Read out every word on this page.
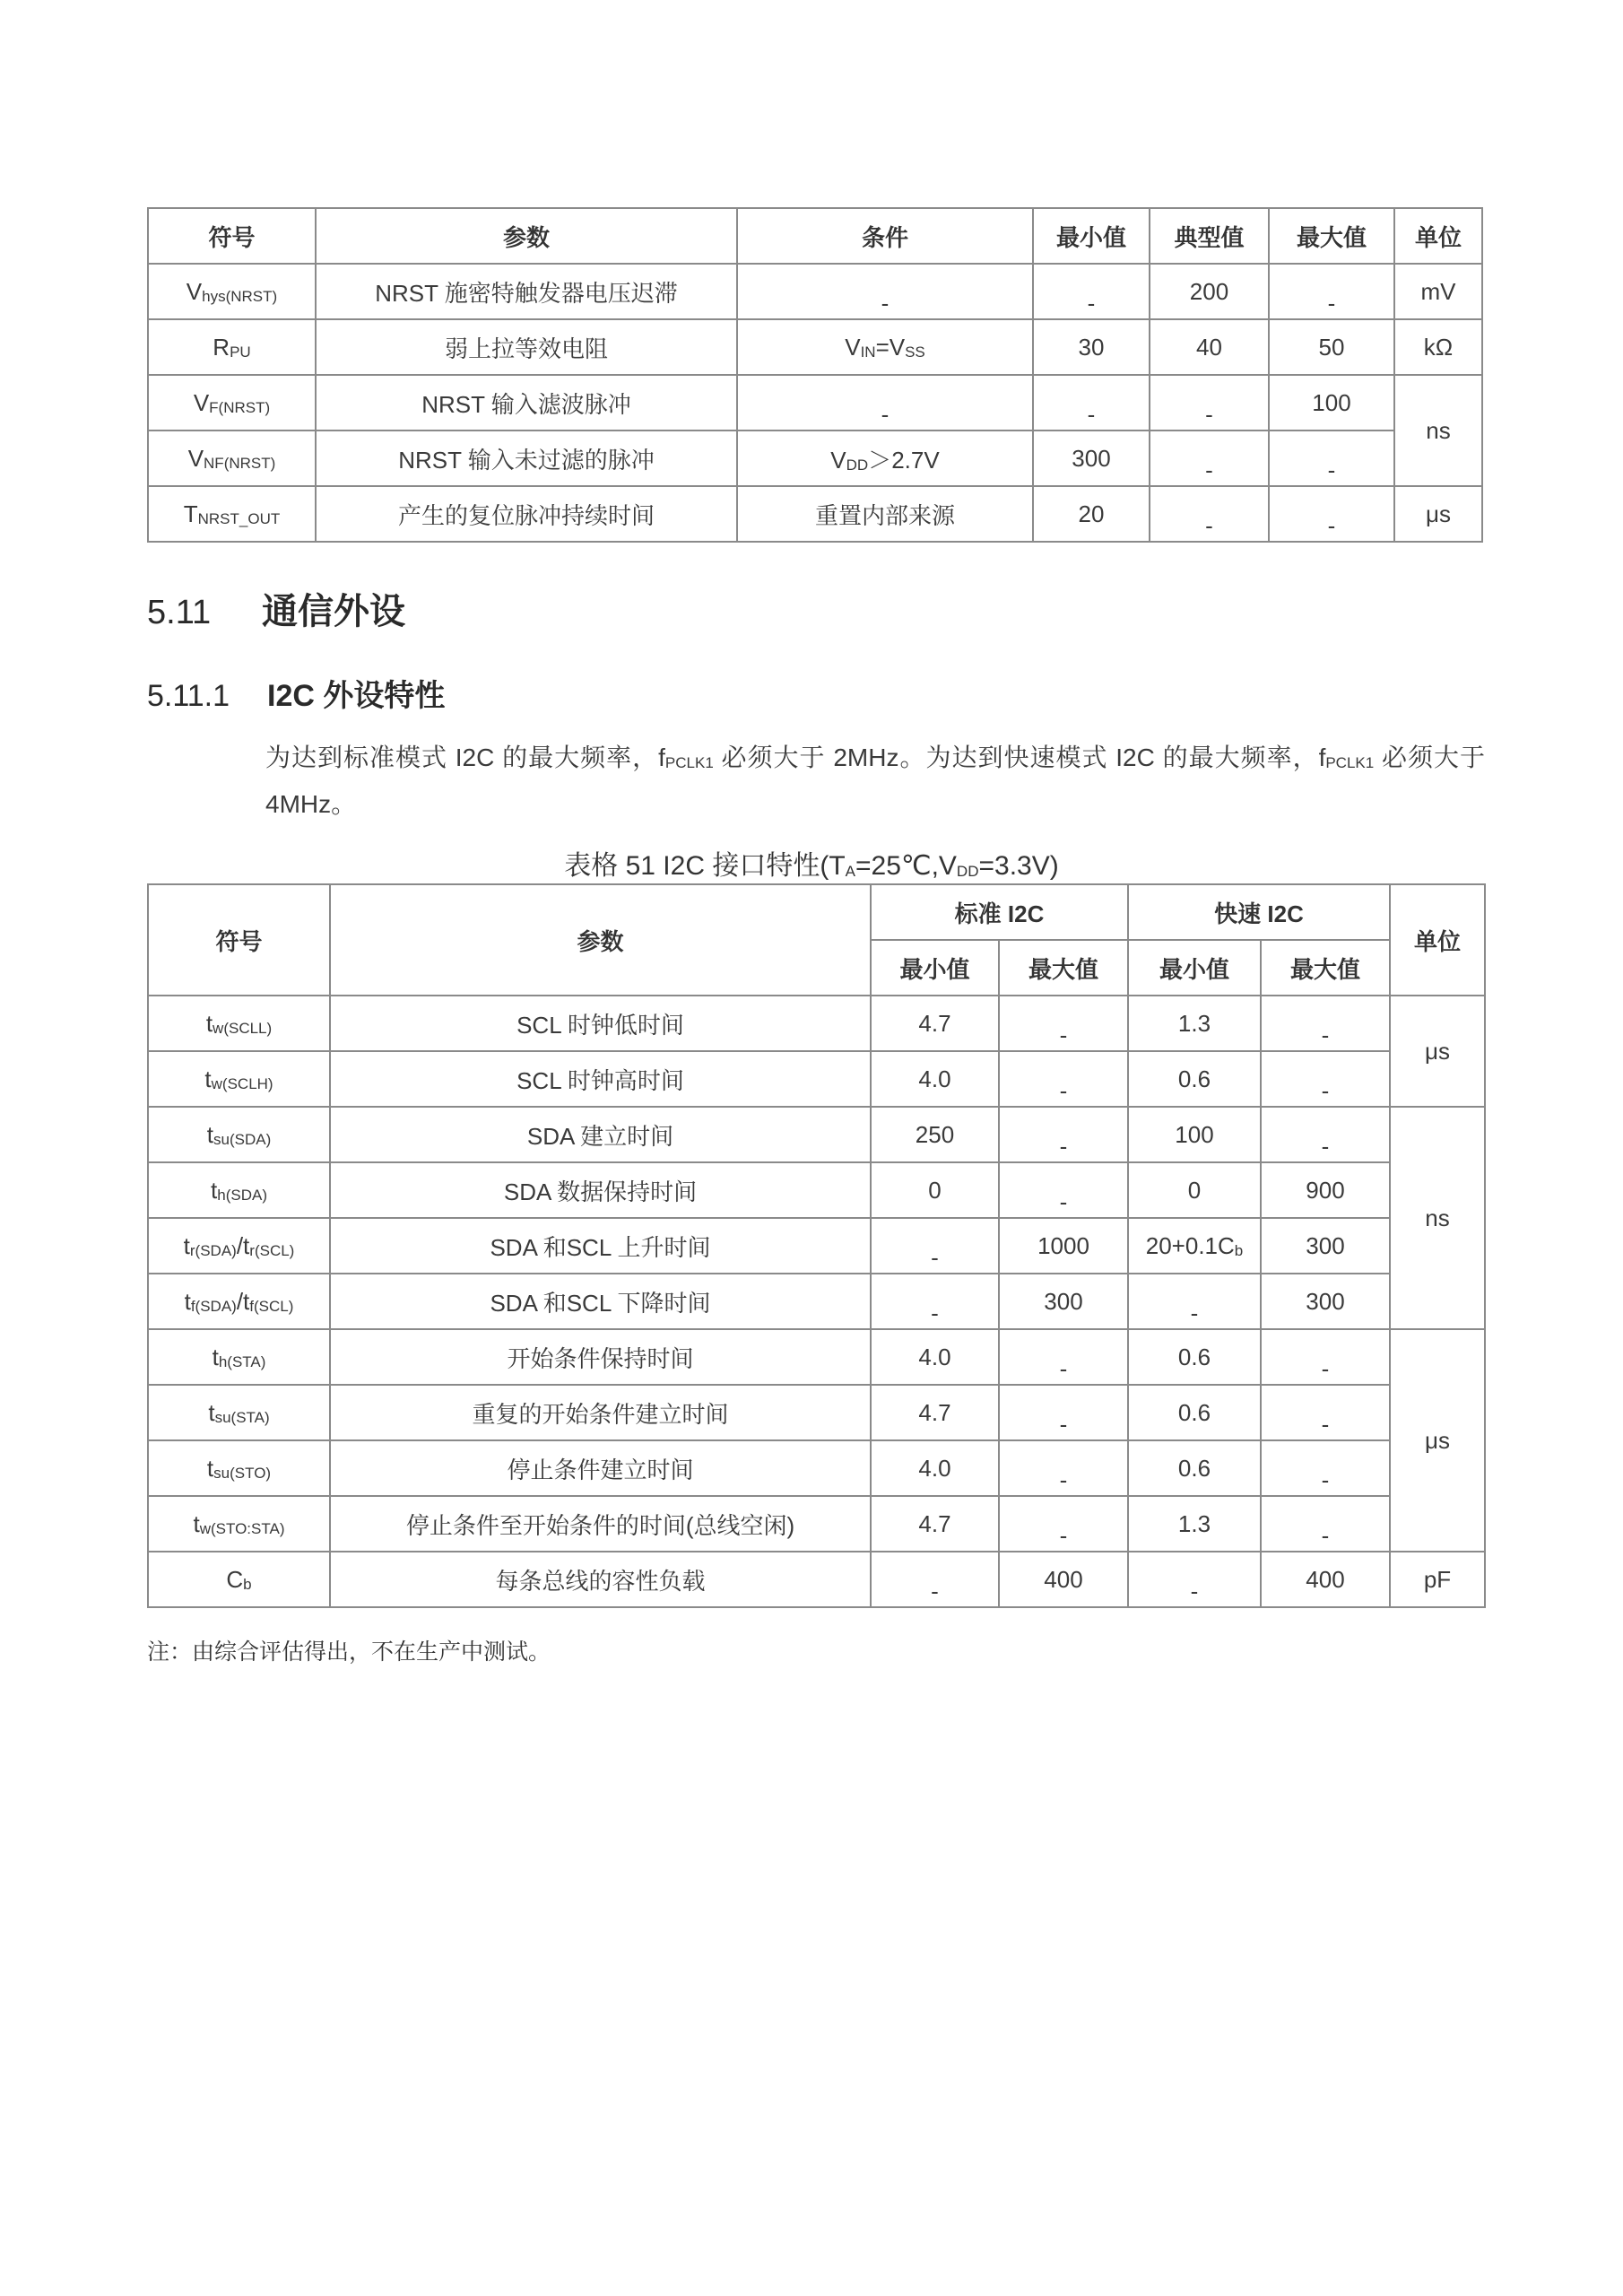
符号	参数	条件	最小值	典型值	最大值	单位
$V_{hys(NRST)}$	NRST 施密特触发器电压迟滞	-	-	200	-	mV
$R_{PU}$	弱上拉等效电阻	$V_{IN}=V_{SS}$	30	40	50	kΩ
$V_{F(NRST)}$	NRST 输入滤波脉冲	-	-	-	100	ns
$V_{NF(NRST)}$	NRST 输入未过滤的脉冲	$V_{DD}>2.7V$	300	-	-	
$T_{NRST\_OUT}$	产生的复位脉冲持续时间	重置内部来源	20	-	-	μs
5.11 通信外设
5.11.1 I2C 外设特性
为达到标准模式 I2C 的最大频率，$f_{PCLK1}$ 必须大于 2MHz。为达到快速模式 I2C 的最大频率，$f_{PCLK1}$ 必须大于 4MHz。
表格 51 I2C 接口特性$(T_A=25℃,V_{DD}=3.3V)$
符号	参数	标准 I2C		快速 I2C		单位
		最小值	最大值	最小值	最大值	
$t_{w(SCLL)}$	SCL 时钟低时间	4.7	-	1.3	-	μs
$t_{w(SCLH)}$	SCL 时钟高时间	4.0	-	0.6	-	
$t_{su(SDA)}$	SDA 建立时间	250	-	100	-	ns
$t_{h(SDA)}$	SDA 数据保持时间	0	-	0	900	
$t_{r(SDA)}/t_{r(SCL)}$	SDA 和SCL 上升时间	-	1000	$20+0.1C_b$	300	
$t_{f(SDA)}/t_{f(SCL)}$	SDA 和SCL 下降时间	-	300	-	300	
$t_{h(STA)}$	开始条件保持时间	4.0	-	0.6	-	μs
$t_{su(STA)}$	重复的开始条件建立时间	4.7	-	0.6	-	
$t_{su(STO)}$	停止条件建立时间	4.0	-	0.6	-	
$t_{w(STO:STA)}$	停止条件至开始条件的时间(总线空闲)	4.7	-	1.3	-	
$C_b$	每条总线的容性负载	-	400	-	400	pF
注：由综合评估得出，不在生产中测试。
